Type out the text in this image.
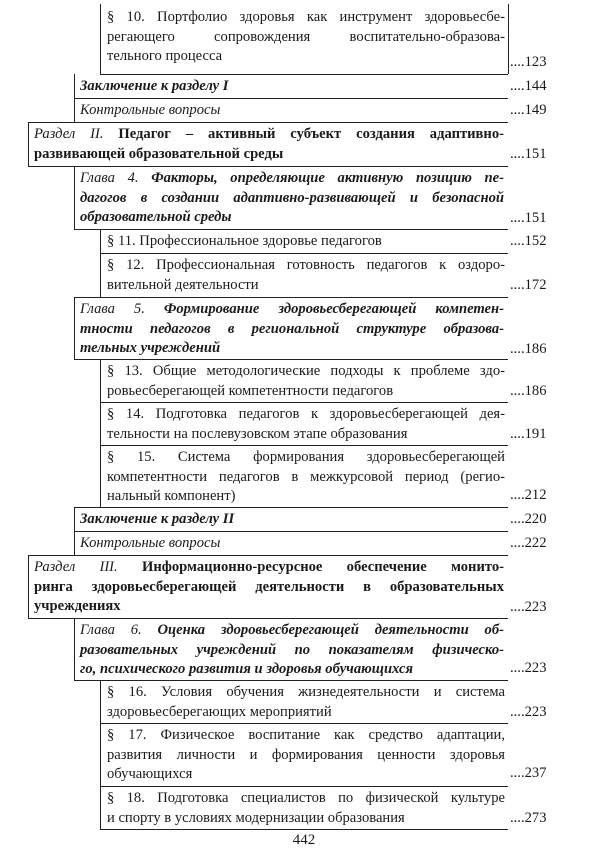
§ 10. Портфолио здоровья как инструмент здоровьесбе-
регающего сопровождения воспитательно-образова-
тельного процесса	....123
Заключение к разделу I	....144
Контрольные вопросы	....149
Раздел II. Педагог – активный субъект создания адаптивно-
развивающей образовательной среды	....151
Глава 4. Факторы, определяющие активную позицию пе-
дагогов в создании адаптивно-развивающей и безопасной
образовательной среды	....151
§ 11. Профессиональное здоровье педагогов	....152
§ 12. Профессиональная готовность педагогов к оздоро-
вительной деятельности	....172
Глава 5. Формирование здоровьесберегающей компетен-
тности педагогов в региональной структуре образова-
тельных учреждений	....186
§ 13. Общие методологические подходы к проблеме здо-
ровьесберегающей компетентности педагогов	....186
§ 14. Подготовка педагогов к здоровьесберегающей дея-
тельности на послевузовском этапе образования	....191
§ 15. Система формирования здоровьесберегающей
компетентности педагогов в межкурсовой период (регио-
нальный компонент)	....212
Заключение к разделу II	....220
Контрольные вопросы	....222
Раздел III. Информационно-ресурсное обеспечение монито-
ринга здоровьесберегающей деятельности в образовательных
учреждениях	....223
Глава 6. Оценка здоровьесберегающей деятельности об-
разовательных учреждений по показателям физическо-
го, психического развития и здоровья обучающихся	....223
§ 16. Условия обучения жизнедеятельности и система
здоровьесберегающих мероприятий	....223
§ 17. Физическое воспитание как средство адаптации,
развития личности и формирования ценности здоровья
обучающихся	....237
§ 18. Подготовка специалистов по физической культуре
и спорту в условиях модернизации образования	....273
442
